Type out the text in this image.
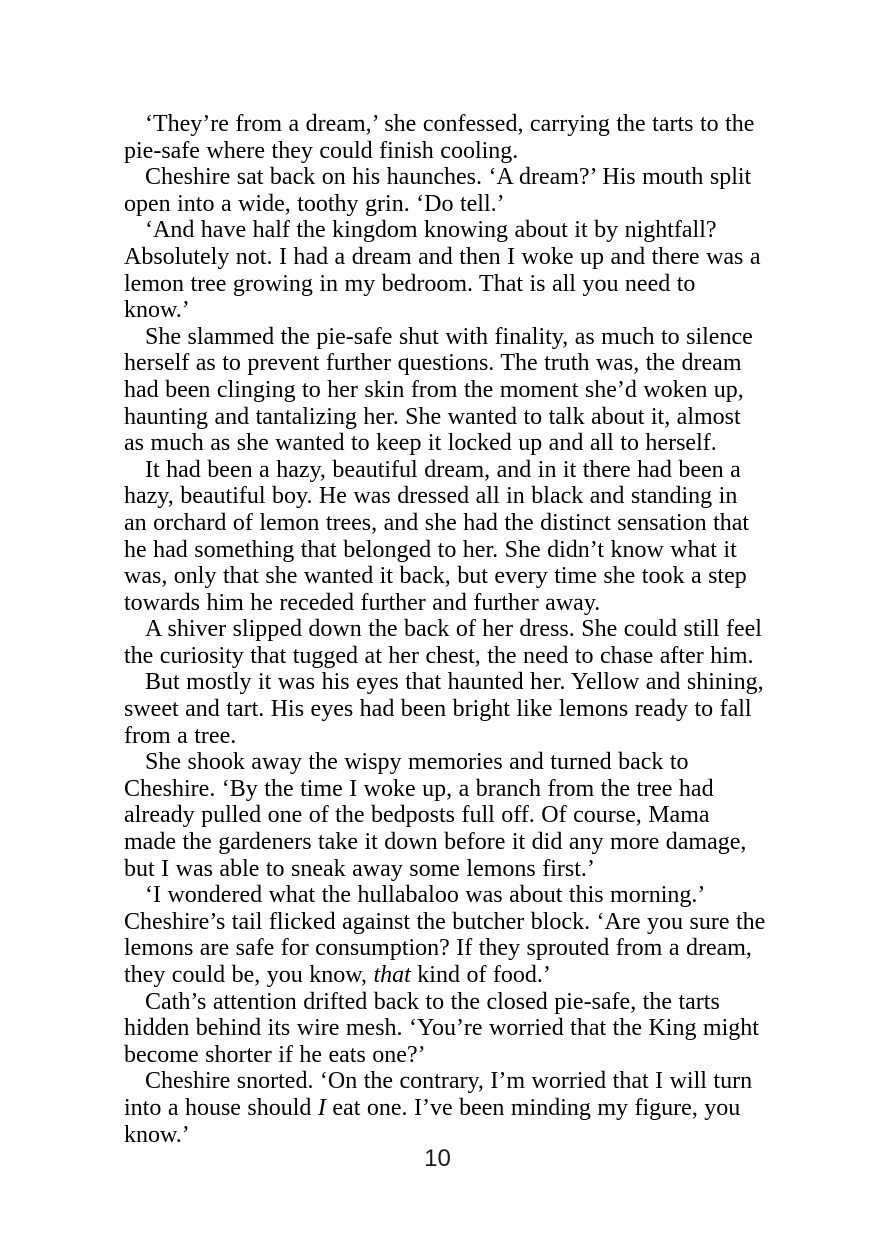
‘They’re from a dream,’ she confessed, carrying the tarts to the pie-safe where they could finish cooling.

Cheshire sat back on his haunches. ‘A dream?’ His mouth split open into a wide, toothy grin. ‘Do tell.’

‘And have half the kingdom knowing about it by nightfall? Absolutely not. I had a dream and then I woke up and there was a lemon tree growing in my bedroom. That is all you need to know.’

She slammed the pie-safe shut with finality, as much to silence herself as to prevent further questions. The truth was, the dream had been clinging to her skin from the moment she’d woken up, haunting and tantalizing her. She wanted to talk about it, almost as much as she wanted to keep it locked up and all to herself.

It had been a hazy, beautiful dream, and in it there had been a hazy, beautiful boy. He was dressed all in black and standing in an orchard of lemon trees, and she had the distinct sensation that he had something that belonged to her. She didn’t know what it was, only that she wanted it back, but every time she took a step towards him he receded further and further away.

A shiver slipped down the back of her dress. She could still feel the curiosity that tugged at her chest, the need to chase after him.

But mostly it was his eyes that haunted her. Yellow and shining, sweet and tart. His eyes had been bright like lemons ready to fall from a tree.

She shook away the wispy memories and turned back to Cheshire. ‘By the time I woke up, a branch from the tree had already pulled one of the bedposts full off. Of course, Mama made the gardeners take it down before it did any more damage, but I was able to sneak away some lemons first.’

‘I wondered what the hullabaloo was about this morning.’ Cheshire’s tail flicked against the butcher block. ‘Are you sure the lemons are safe for consumption? If they sprouted from a dream, they could be, you know, that kind of food.’

Cath’s attention drifted back to the closed pie-safe, the tarts hidden behind its wire mesh. ‘You’re worried that the King might become shorter if he eats one?’

Cheshire snorted. ‘On the contrary, I’m worried that I will turn into a house should I eat one. I’ve been minding my figure, you know.’

10
